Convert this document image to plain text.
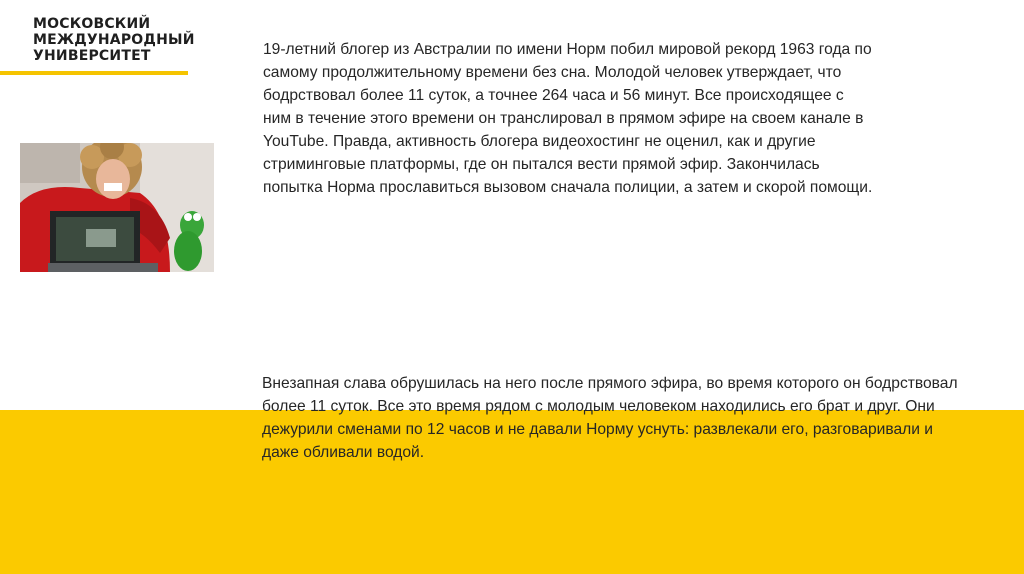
МОСКОВСКИЙ
МЕЖДУНАРОДНЫЙ
УНИВЕРСИТЕТ	19-летний блогер из Австралии по имени Норм побил мировой рекорд 1963 года по самому продолжительному времени без сна. Молодой человек утверждает, что бодрствовал более 11 суток, а точнее 264 часа и 56 минут. Все происходящее с ним в течение этого времени он транслировал в прямом эфире на своем канале в YouTube. Правда, активность блогера видеохостинг не оценил, как и другие стриминговые платформы, где он пытался вести прямой эфир. Закончилась попытка Норма прославиться вызовом сначала полиции, а затем и скорой помощи.

Внезапная слава обрушилась на него после прямого эфира, во время которого он бодрствовал более 11 суток. Все это время рядом с молодым человеком находились его брат и друг. Они дежурили сменами по 12 часов и не давали Норму уснуть: развлекали его, разговаривали и даже обливали водой.
